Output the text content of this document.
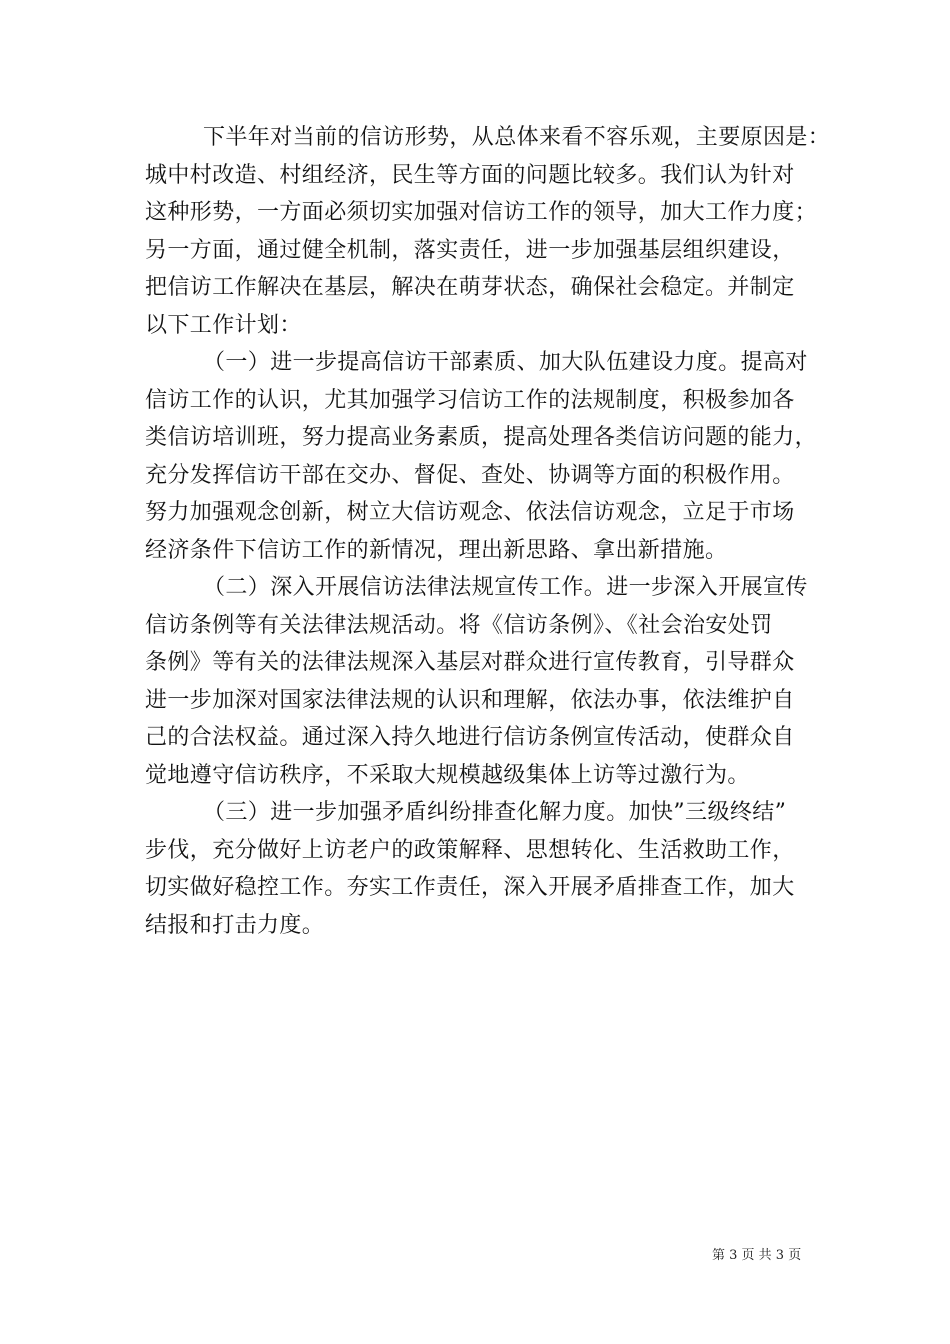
下半年对当前的信访形势，从总体来看不容乐观，主要原因是：
城中村改造、村组经济，民生等方面的问题比较多。我们认为针对
这种形势，一方面必须切实加强对信访工作的领导，加大工作力度；
另一方面，通过健全机制，落实责任，进一步加强基层组织建设，
把信访工作解决在基层，解决在萌芽状态，确保社会稳定。并制定
以下工作计划：
（一）进一步提高信访干部素质、加大队伍建设力度。提高对
信访工作的认识，尤其加强学习信访工作的法规制度，积极参加各
类信访培训班，努力提高业务素质，提高处理各类信访问题的能力，
充分发挥信访干部在交办、督促、查处、协调等方面的积极作用。
努力加强观念创新，树立大信访观念、依法信访观念，立足于市场
经济条件下信访工作的新情况，理出新思路、拿出新措施。
（二）深入开展信访法律法规宣传工作。进一步深入开展宣传
信访条例等有关法律法规活动。将《信访条例》、《社会治安处罚
条例》等有关的法律法规深入基层对群众进行宣传教育，引导群众
进一步加深对国家法律法规的认识和理解，依法办事，依法维护自
己的合法权益。通过深入持久地进行信访条例宣传活动，使群众自
觉地遵守信访秩序，不采取大规模越级集体上访等过激行为。
（三）进一步加强矛盾纠纷排查化解力度。加快”三级终结”
步伐，充分做好上访老户的政策解释、思想转化、生活救助工作，
切实做好稳控工作。夯实工作责任，深入开展矛盾排查工作，加大
结报和打击力度。
第 3 页 共 3 页
